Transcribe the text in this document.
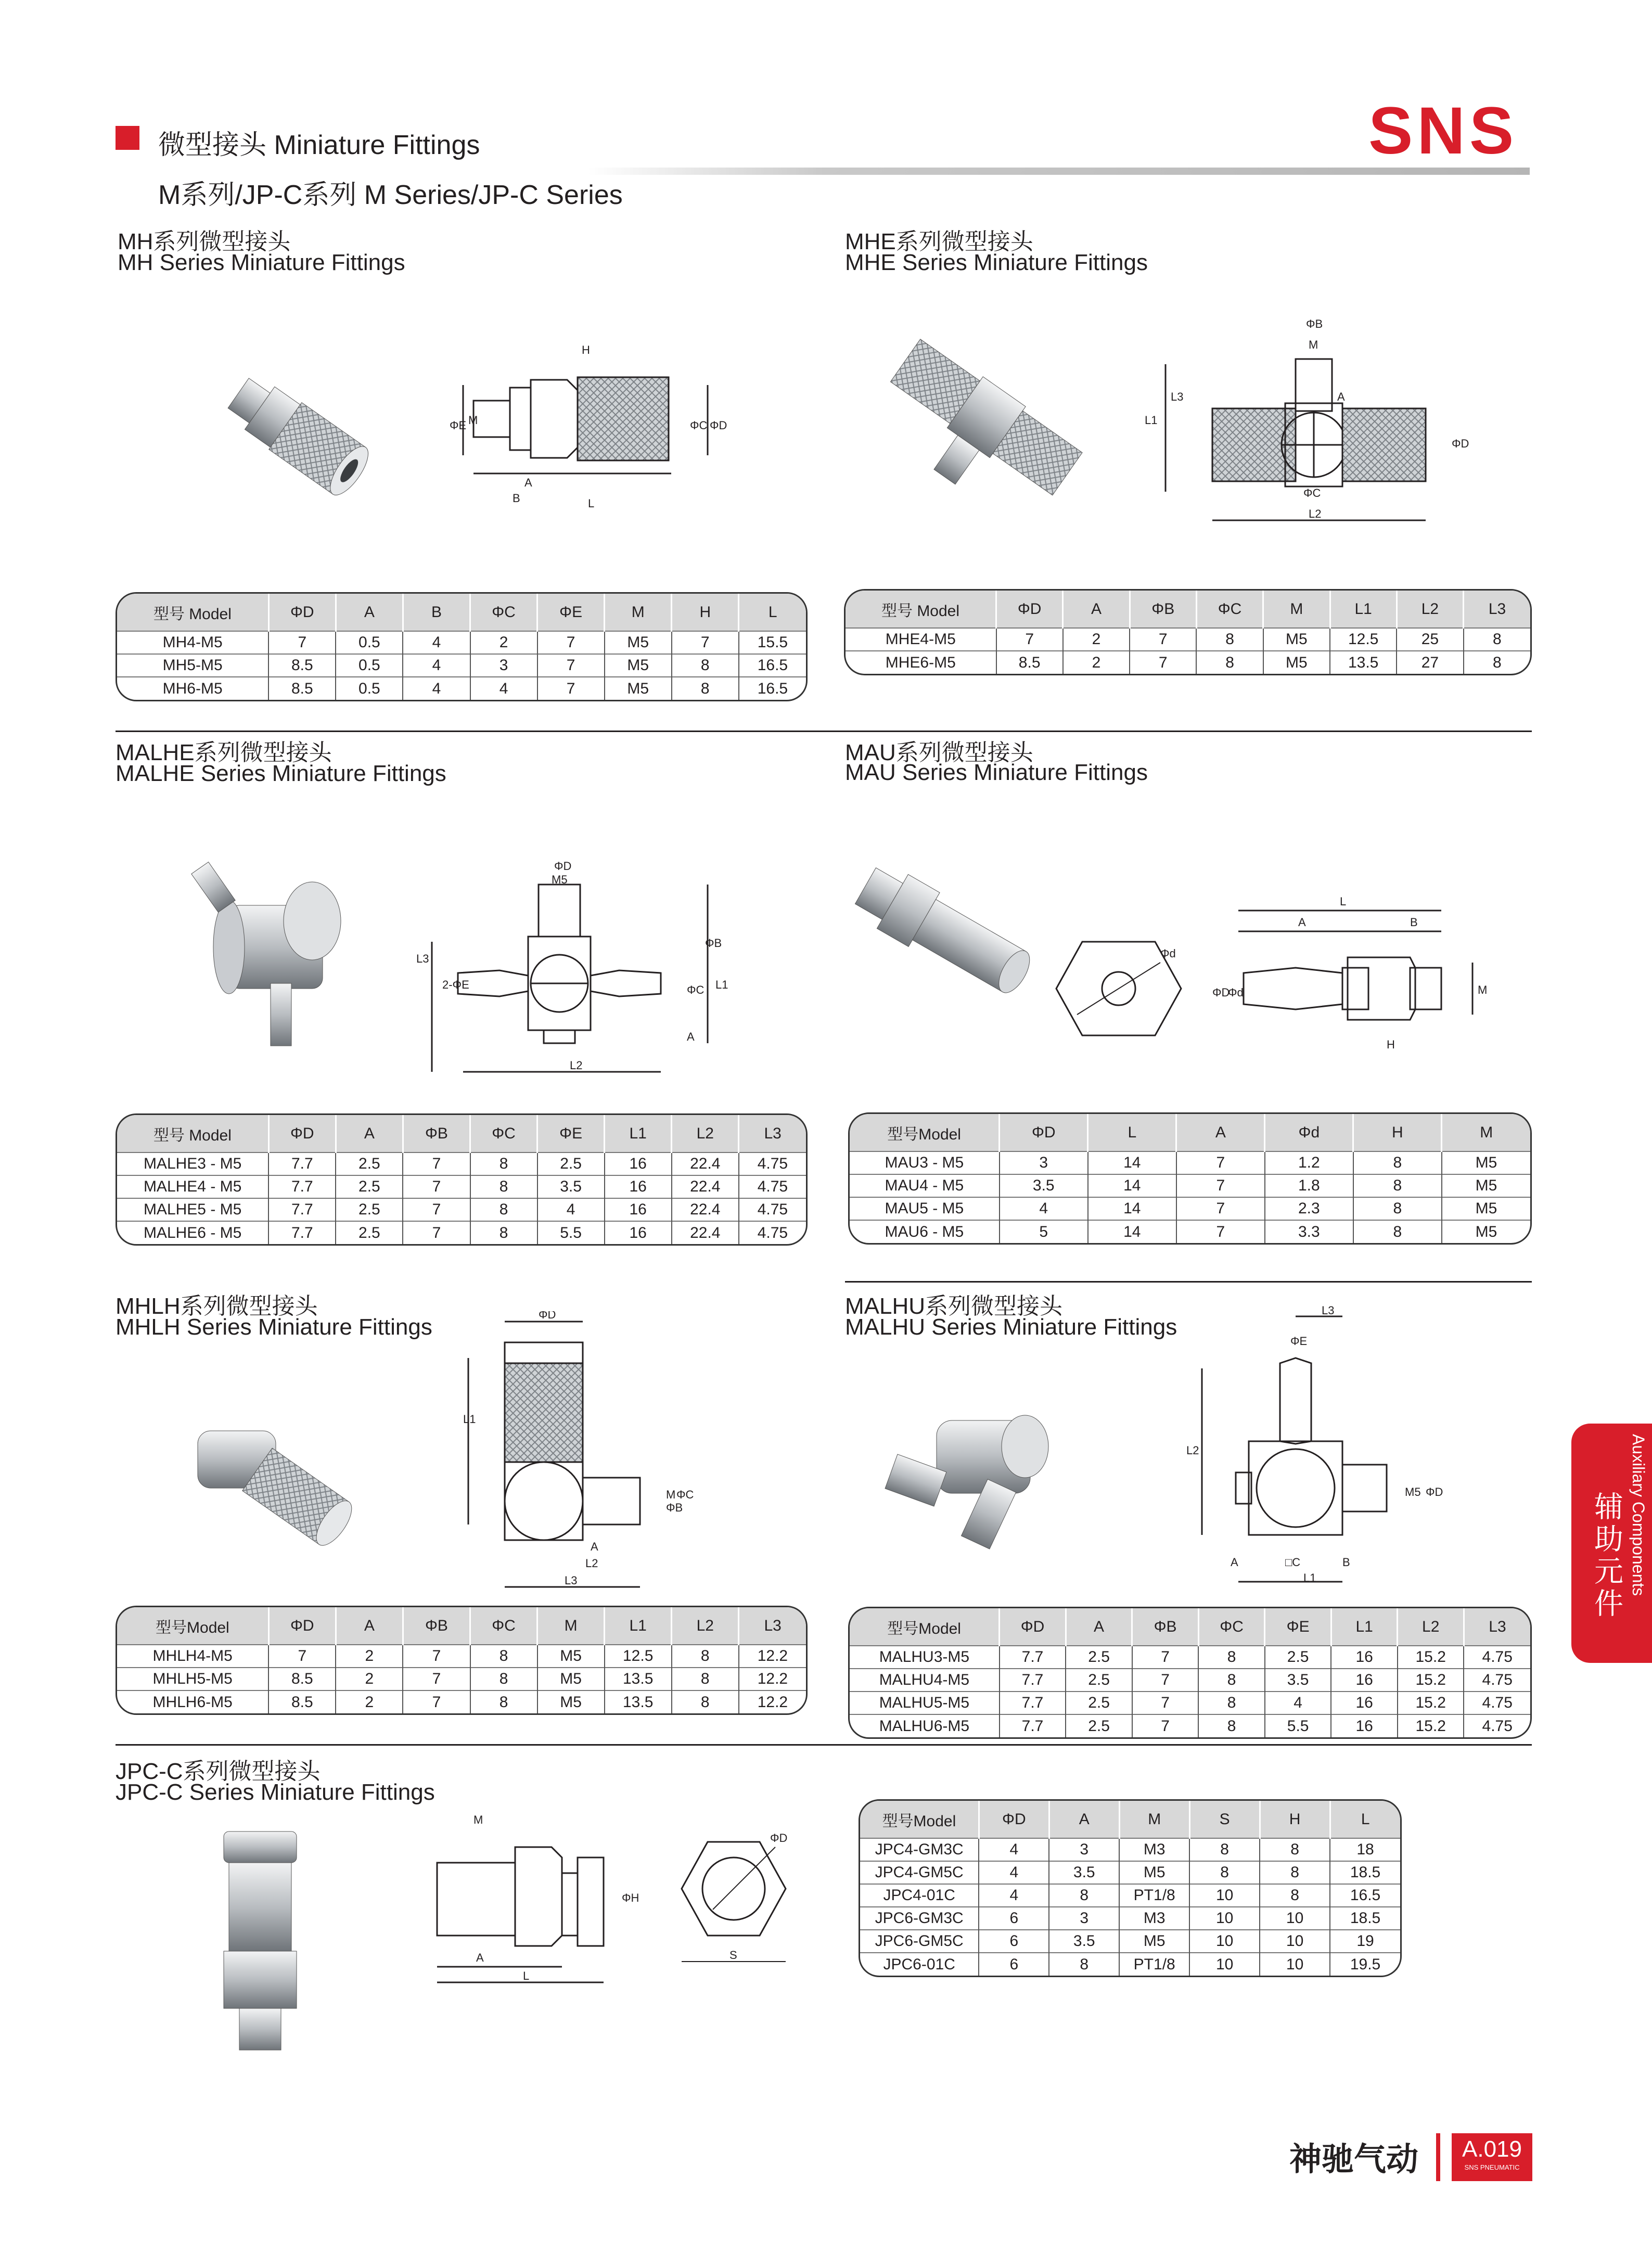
微型接头 Miniature Fittings
M系列/JP-C系列 M Series/JP-C Series
SNS
MH系列微型接头
MH Series Miniature Fittings
H
ΦE M	ΦC ΦD
A
B	L
型号 Model	ΦD	A	B	ΦC	ΦE	M	H	L
MH4-M5	7	0.5	4	2	7	M5	7	15.5
MH5-M5	8.5	0.5	4	3	7	M5	8	16.5
MH6-M5	8.5	0.5	4	4	7	M5	8	16.5
MHE系列微型接头
MHE Series Miniature Fittings
ΦB
M
L1
L3	A
ΦD
ΦC
L2
型号 Model	ΦD	A	ΦB	ΦC	M	L1	L2	L3
MHE4-M5	7	2	7	8	M5	12.5	25	8
MHE6-M5	8.5	2	7	8	M5	13.5	27	8
MALHE系列微型接头
MALHE Series Miniature Fittings
ΦD
M5
L3
2-ΦE
ΦB
ΦC L1
A
L2
型号 Model	ΦD	A	ΦB	ΦC	ΦE	L1	L2	L3
MALHE3 - M5	7.7	2.5	7	8	2.5	16	22.4	4.75
MALHE4 - M5	7.7	2.5	7	8	3.5	16	22.4	4.75
MALHE5 - M5	7.7	2.5	7	8	4	16	22.4	4.75
MALHE6 - M5	7.7	2.5	7	8	5.5	16	22.4	4.75
MAU系列微型接头
MAU Series Miniature Fittings
Φd
L
A	B
ΦD
Φd	M
H
型号Model	ΦD	L	A	Φd	H	M
MAU3 - M5	3	14	7	1.2	8	M5
MAU4 - M5	3.5	14	7	1.8	8	M5
MAU5 - M5	4	14	7	2.3	8	M5
MAU6 - M5	5	14	7	3.3	8	M5
MHLH系列微型接头
MHLH Series Miniature Fittings	ΦD
L1
M
ΦB
ΦC
A
L2
L3
型号Model	ΦD	A	ΦB	ΦC	M	L1	L2	L3
MHLH4-M5	7	2	7	8	M5	12.5	8	12.2
MHLH5-M5	8.5	2	7	8	M5	13.5	8	12.2
MHLH6-M5	8.5	2	7	8	M5	13.5	8	12.2
MALHU系列微型接头
MALHU Series Miniature Fittings
L3
ΦE
L2
M5 ΦD
A	□C	B
L1
型号Model	ΦD	A	ΦB	ΦC	ΦE	L1	L2	L3
MALHU3-M5	7.7	2.5	7	8	2.5	16	15.2	4.75
MALHU4-M5	7.7	2.5	7	8	3.5	16	15.2	4.75
MALHU5-M5	7.7	2.5	7	8	4	16	15.2	4.75
MALHU6-M5	7.7	2.5	7	8	5.5	16	15.2	4.75
JPC-C系列微型接头
JPC-C Series Miniature Fittings
M
ΦH
A
L
ΦD
S
型号Model	ΦD	A	M	S	H	L
JPC4-GM3C	4	3	M3	8	8	18
JPC4-GM5C	4	3.5	M5	8	8	18.5
JPC4-01C	4	8	PT1/8	10	8	16.5
JPC6-GM3C	6	3	M3	10	10	18.5
JPC6-GM5C	6	3.5	M5	10	10	19
JPC6-01C	6	8	PT1/8	10	10	19.5
Auxiliary Components
辅助元件
神驰气动	A.019
SNS PNEUMATIC
